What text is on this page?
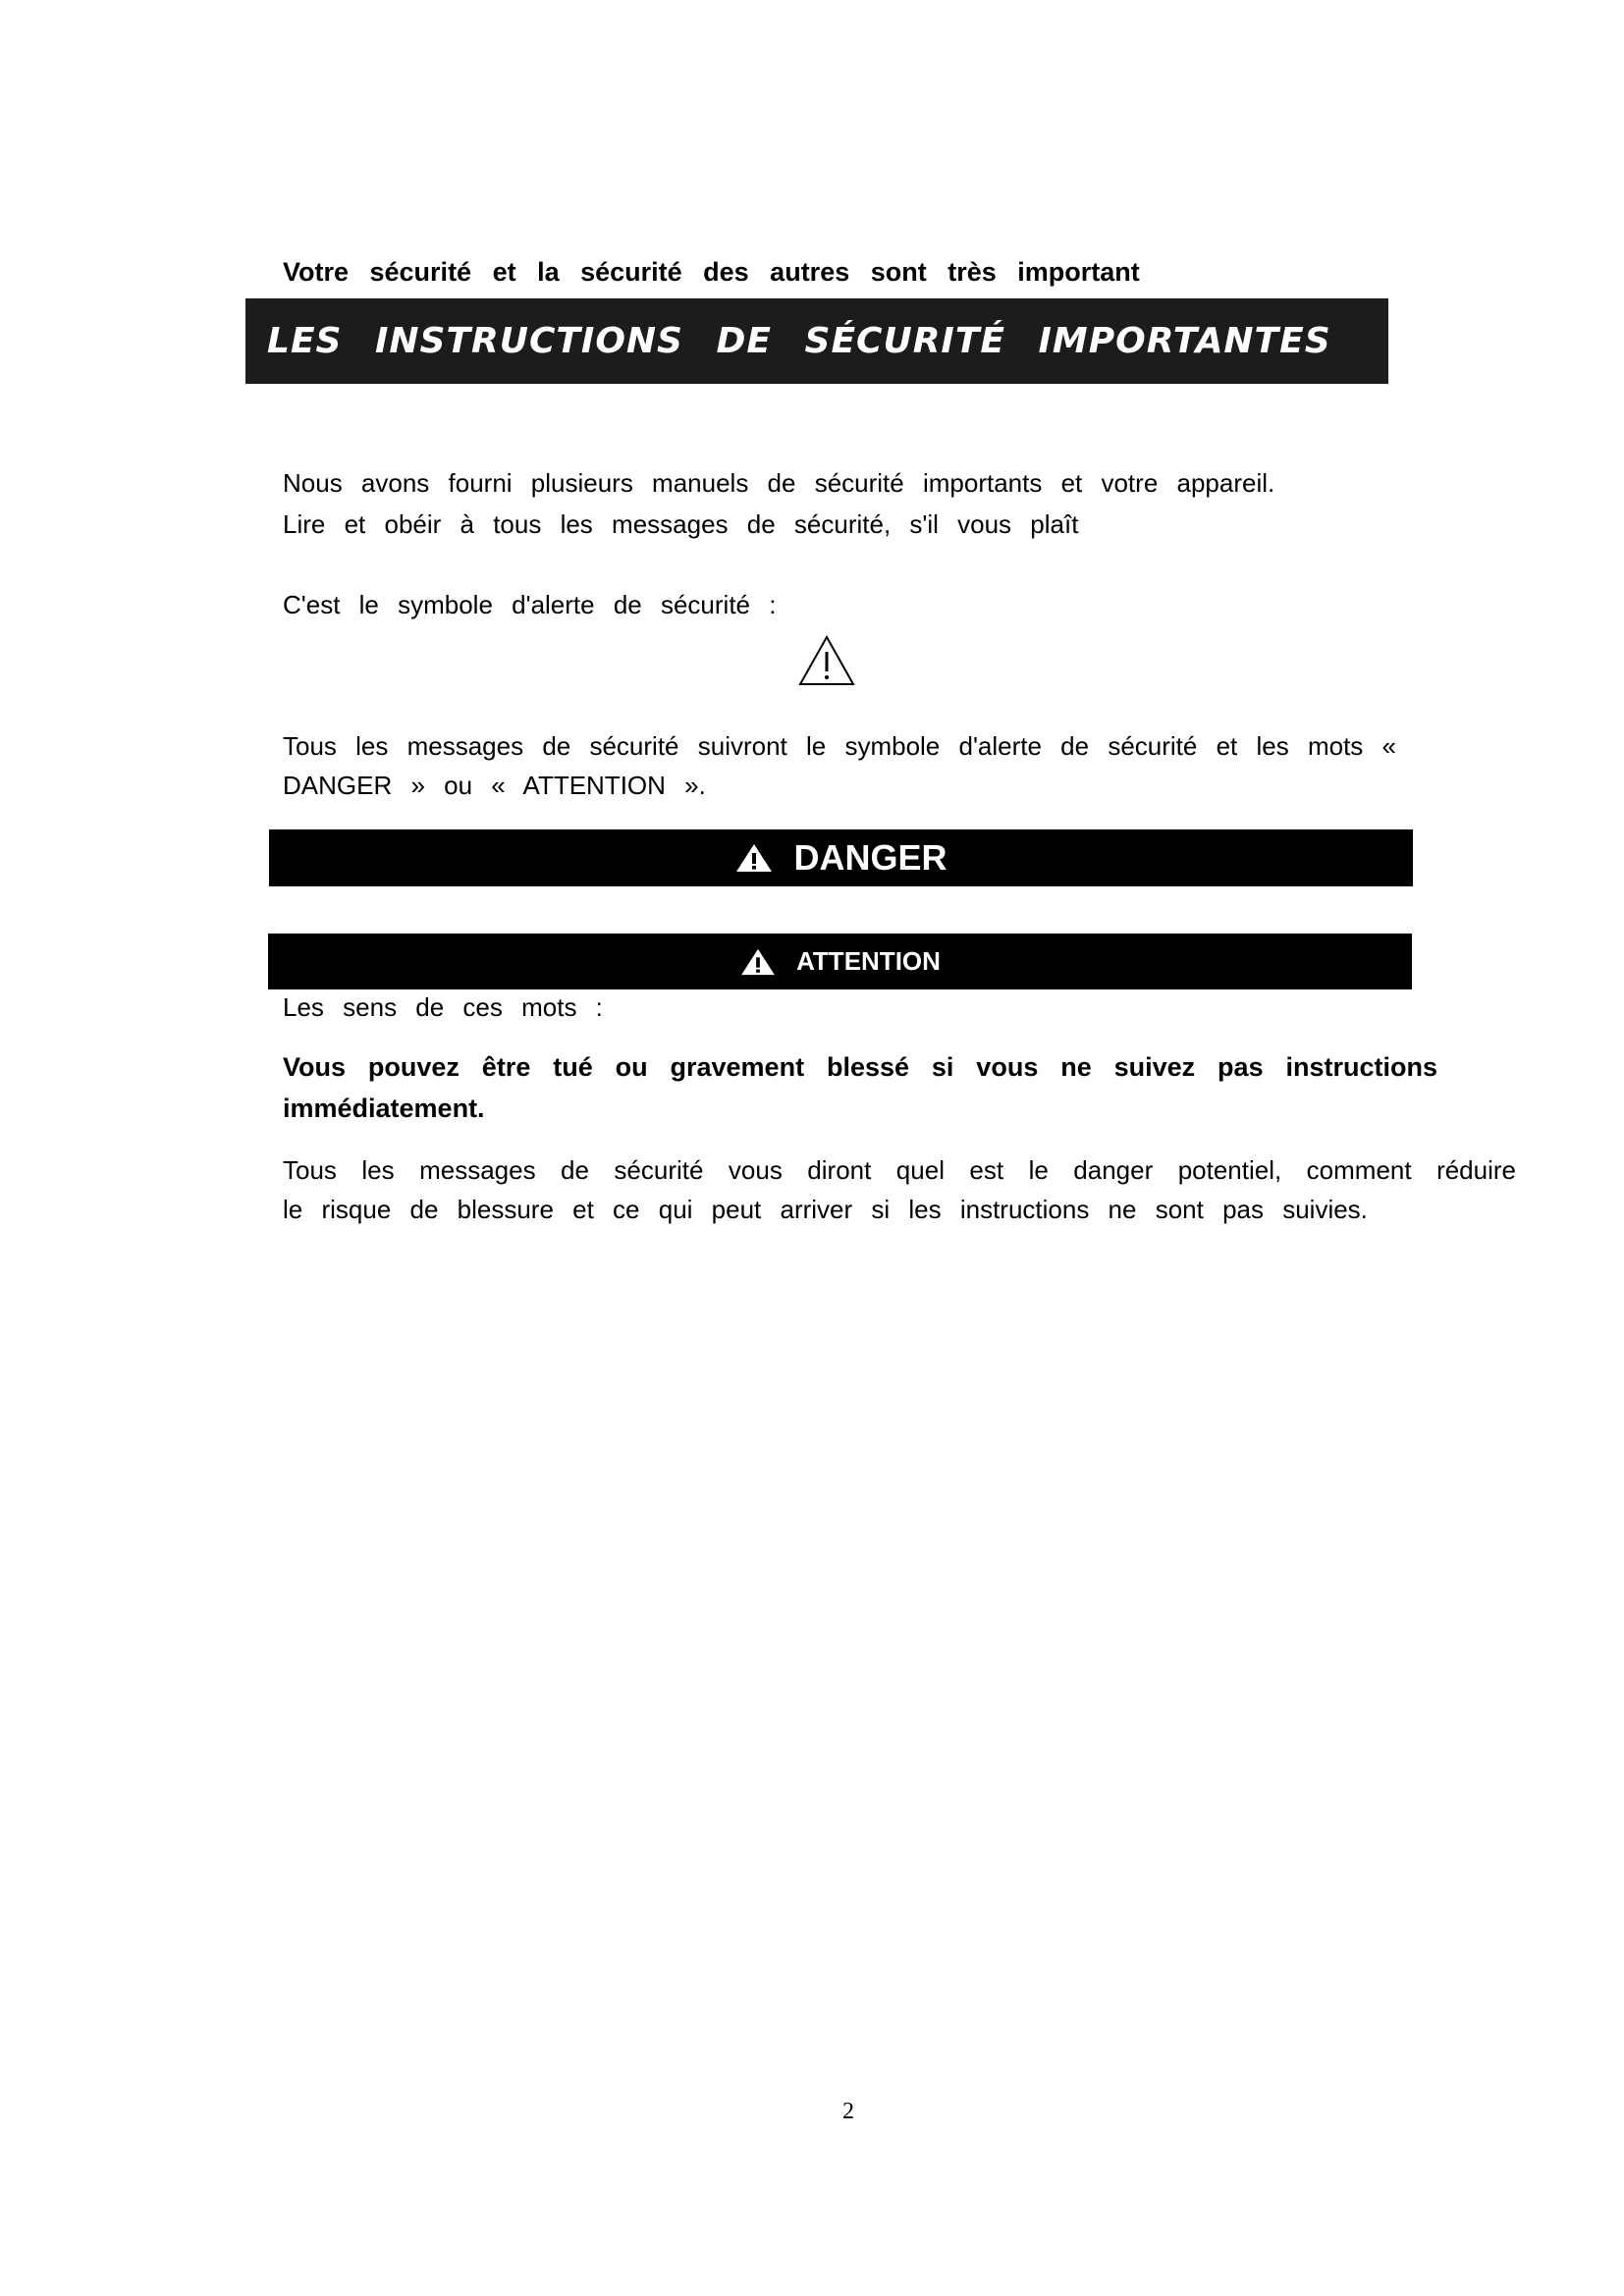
Votre sécurité et la sécurité des autres sont très important
LES INSTRUCTIONS DE SÉCURITÉ IMPORTANTES
Nous avons fourni plusieurs manuels de sécurité importants et votre appareil.
Lire et obéir à tous les messages de sécurité, s'il vous plaît
C'est le symbole d'alerte de sécurité :
Tous les messages de sécurité suivront le symbole d'alerte de sécurité et les mots «
DANGER » ou « ATTENTION ».
DANGER
ATTENTION
Les sens de ces mots :
Vous pouvez être tué ou gravement blessé si vous ne suivez pas instructions
immédiatement.
Tous les messages de sécurité vous diront quel est le danger potentiel, comment réduire
le risque de blessure et ce qui peut arriver si les instructions ne sont pas suivies.
2
